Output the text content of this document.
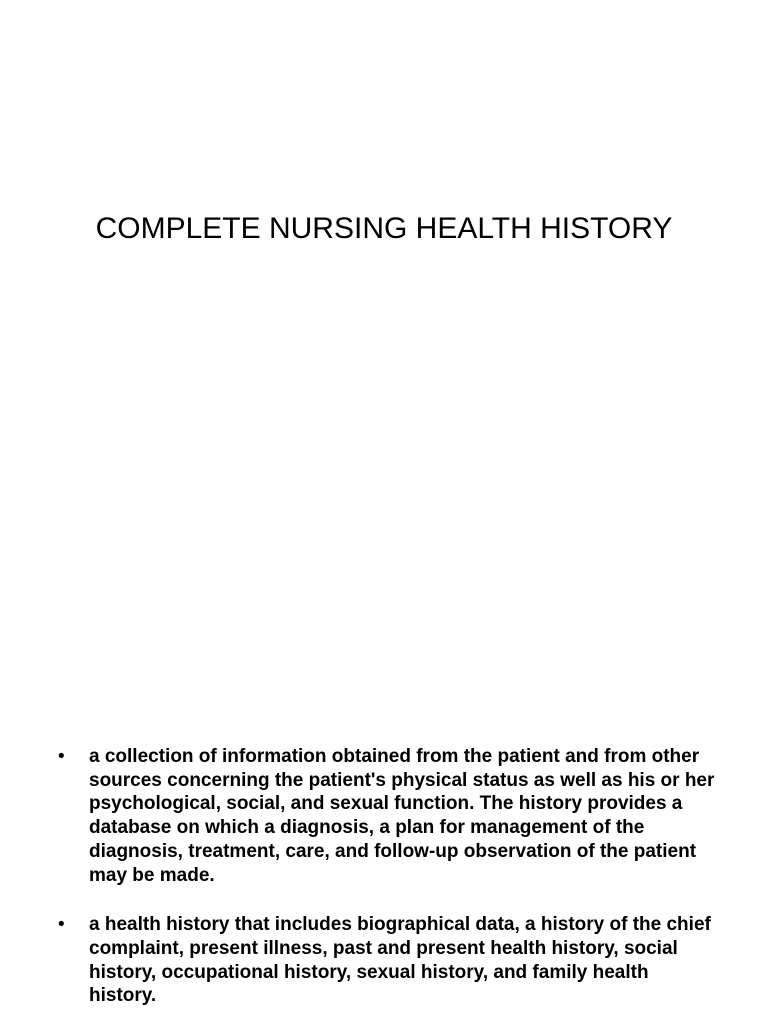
COMPLETE NURSING HEALTH HISTORY
• a collection of information obtained from the patient and from other sources concerning the patient's physical status as well as his or her psychological, social, and sexual function. The history provides a database on which a diagnosis, a plan for management of the diagnosis, treatment, care, and follow-up observation of the patient may be made.
• a health history that includes biographical data, a history of the chief complaint, present illness, past and present health history, social history, occupational history, sexual history, and family health history.
